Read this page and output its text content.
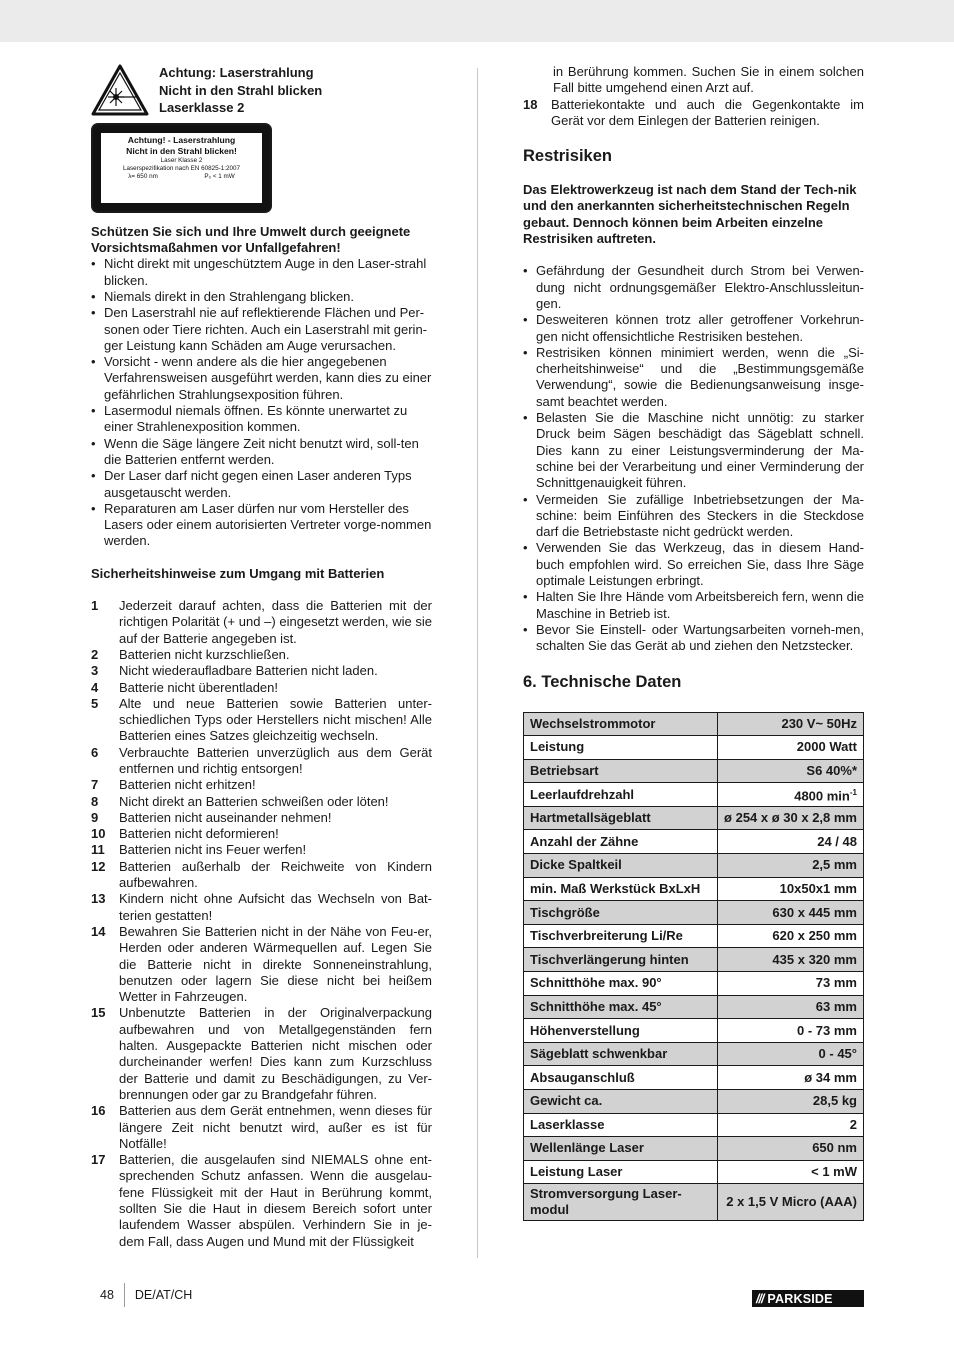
Achtung: Laserstrahlung
Nicht in den Strahl blicken
Laserklasse 2
Achtung! - Laserstrahlung
Nicht in den Strahl blicken!
Laser Klasse 2
Laserspezifikation nach EN 60825-1:2007
λ= 650 nm	P₀ < 1 mW
Schützen Sie sich und Ihre Umwelt durch geeignete Vorsichtsmaßahmen vor Unfallgefahren!
• Nicht direkt mit ungeschütztem Auge in den Laser-strahl blicken.
• Niemals direkt in den Strahlengang blicken.
• Den Laserstrahl nie auf reflektierende Flächen und Per-sonen oder Tiere richten. Auch ein Laserstrahl mit gerin-ger Leistung kann Schäden am Auge verursachen.
• Vorsicht - wenn andere als die hier angegebenen Verfahrensweisen ausgeführt werden, kann dies zu einer gefährlichen Strahlungsexposition führen.
• Lasermodul niemals öffnen. Es könnte unerwartet zu einer Strahlenexposition kommen.
• Wenn die Säge längere Zeit nicht benutzt wird, soll-ten die Batterien entfernt werden.
• Der Laser darf nicht gegen einen Laser anderen Typs ausgetauscht werden.
• Reparaturen am Laser dürfen nur vom Hersteller des Lasers oder einem autorisierten Vertreter vorge-nommen werden.
Sicherheitshinweise zum Umgang mit Batterien
1	Jederzeit darauf achten, dass die Batterien mit der richtigen Polarität (+ und –) eingesetzt werden, wie sie auf der Batterie angegeben ist.
2	Batterien nicht kurzschließen.
3	Nicht wiederaufladbare Batterien nicht laden.
4	Batterie nicht überentladen!
5	Alte und neue Batterien sowie Batterien unter-schiedlichen Typs oder Herstellers nicht mischen! Alle Batterien eines Satzes gleichzeitig wechseln.
6	Verbrauchte Batterien unverzüglich aus dem Gerät entfernen und richtig entsorgen!
7	Batterien nicht erhitzen!
8	Nicht direkt an Batterien schweißen oder löten!
9	Batterien nicht auseinander nehmen!
10	Batterien nicht deformieren!
11	Batterien nicht ins Feuer werfen!
12	Batterien außerhalb der Reichweite von Kindern aufbewahren.
13	Kindern nicht ohne Aufsicht das Wechseln von Bat-terien gestatten!
14	Bewahren Sie Batterien nicht in der Nähe von Feu-er, Herden oder anderen Wärmequellen auf. Legen Sie die Batterie nicht in direkte Sonneneinstrahlung, benutzen oder lagern Sie diese nicht bei heißem Wetter in Fahrzeugen.
15	Unbenutzte Batterien in der Originalverpackung aufbewahren und von Metallgegenständen fern halten. Ausgepackte Batterien nicht mischen oder durcheinander werfen! Dies kann zum Kurzschluss der Batterie und damit zu Beschädigungen, zu Ver-brennungen oder gar zu Brandgefahr führen.
16	Batterien aus dem Gerät entnehmen, wenn dieses für längere Zeit nicht benutzt wird, außer es ist für Notfälle!
17	Batterien, die ausgelaufen sind NIEMALS ohne ent-sprechenden Schutz anfassen. Wenn die ausgelau-fene Flüssigkeit mit der Haut in Berührung kommt, sollten Sie die Haut in diesem Bereich sofort unter laufendem Wasser abspülen. Verhindern Sie in je-dem Fall, dass Augen und Mund mit der Flüssigkeit
in Berührung kommen. Suchen Sie in einem solchen Fall bitte umgehend einen Arzt auf.
18	Batteriekontakte und auch die Gegenkontakte im Gerät vor dem Einlegen der Batterien reinigen.
Restrisiken
Das Elektrowerkzeug ist nach dem Stand der Tech-nik und den anerkannten sicherheitstechnischen Regeln gebaut. Dennoch können beim Arbeiten einzelne Restrisiken auftreten.
• Gefährdung der Gesundheit durch Strom bei Verwen-dung nicht ordnungsgemäßer Elektro-Anschlussleitun-gen.
• Desweiteren können trotz aller getroffener Vorkehrun-gen nicht offensichtliche Restrisiken bestehen.
• Restrisiken können minimiert werden, wenn die „Si-cherheitshinweise“ und die „Bestimmungsgemäße Verwendung“, sowie die Bedienungsanweisung insge-samt beachtet werden.
• Belasten Sie die Maschine nicht unnötig: zu starker Druck beim Sägen beschädigt das Sägeblatt schnell. Dies kann zu einer Leistungsverminderung der Ma-schine bei der Verarbeitung und einer Verminderung der Schnittgenauigkeit führen.
• Vermeiden Sie zufällige Inbetriebsetzungen der Ma-schine: beim Einführen des Steckers in die Steckdose darf die Betriebstaste nicht gedrückt werden.
• Verwenden Sie das Werkzeug, das in diesem Hand-buch empfohlen wird. So erreichen Sie, dass Ihre Säge optimale Leistungen erbringt.
• Halten Sie Ihre Hände vom Arbeitsbereich fern, wenn die Maschine in Betrieb ist.
• Bevor Sie Einstell- oder Wartungsarbeiten vorneh-men, schalten Sie das Gerät ab und ziehen den Netzstecker.
6. Technische Daten
Wechselstrommotor	230 V~ 50Hz
Leistung	2000 Watt
Betriebsart	S6 40%*
Leerlaufdrehzahl	4800 $\min^{-1}$
Hartmetallsägeblatt	ø 254 x ø 30 x 2,8 mm
Anzahl der Zähne	24 / 48
Dicke Spaltkeil	2,5 mm
min. Maß Werkstück BxLxH	10x50x1 mm
Tischgröße	630 x 445 mm
Tischverbreiterung Li/Re	620 x 250 mm
Tischverlängerung hinten	435 x 320 mm
Schnitthöhe max. 90°	73 mm
Schnitthöhe max. 45°	63 mm
Höhenverstellung	0 - 73 mm
Sägeblatt schwenkbar	0 - 45°
Absauganschluß	ø 34 mm
Gewicht ca.	28,5 kg
Laserklasse	2
Wellenlänge Laser	650 nm
Leistung Laser	< 1 mW
Stromversorgung Laser-modul	2 x 1,5 V Micro (AAA)
48 DE/AT/CH	/// PARKSIDE
